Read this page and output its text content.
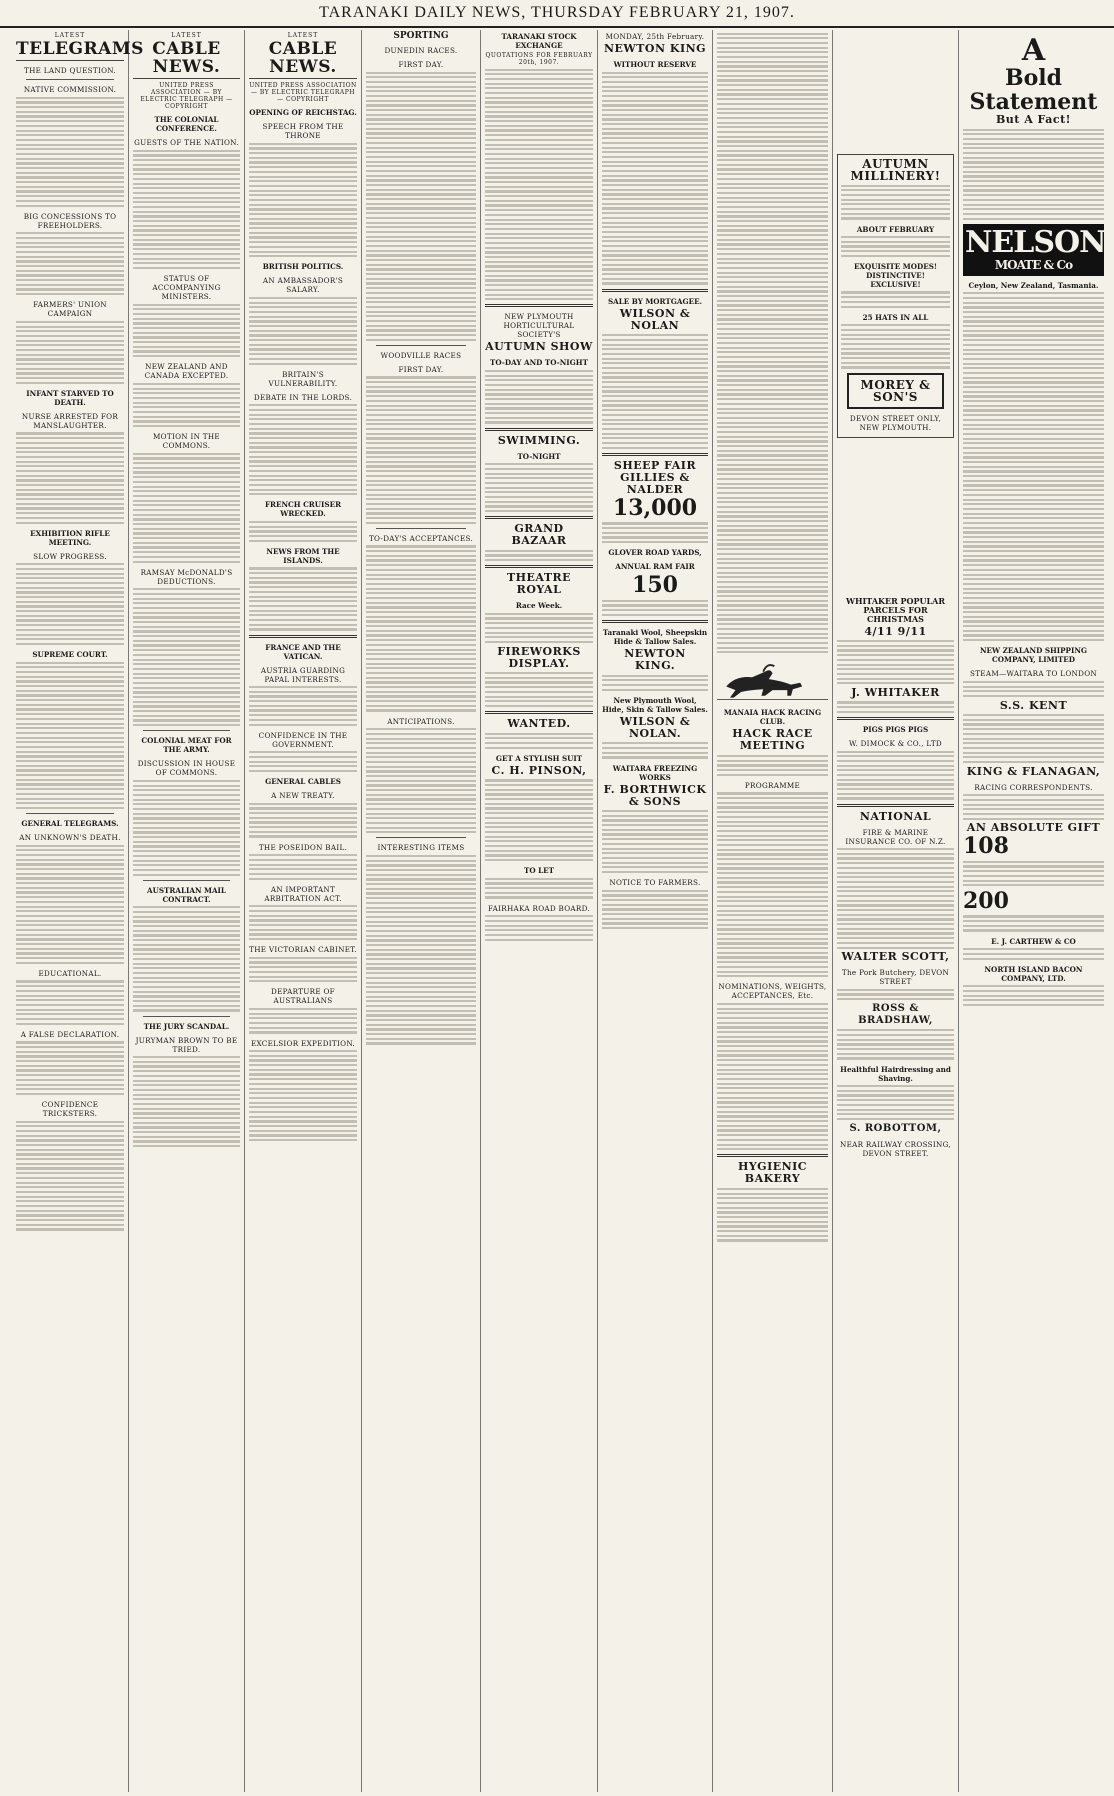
TARANAKI DAILY NEWS, THURSDAY FEBRUARY 21, 1907.
LATEST
TELEGRAMS
THE LAND QUESTION.
NATIVE COMMISSION.
BIG CONCESSIONS TO FREEHOLDERS.
FARMERS' UNION CAMPAIGN
INFANT STARVED TO DEATH.
NURSE ARRESTED FOR MANSLAUGHTER.
EXHIBITION RIFLE MEETING.
SLOW PROGRESS.
SUPREME COURT.
GENERAL TELEGRAMS.
AN UNKNOWN'S DEATH.
EDUCATIONAL.
A FALSE DECLARATION.
CONFIDENCE TRICKSTERS.
LATEST
CABLE NEWS.
UNITED PRESS ASSOCIATION — BY ELECTRIC TELEGRAPH — COPYRIGHT
THE COLONIAL CONFERENCE.
GUESTS OF THE NATION.
STATUS OF ACCOMPANYING MINISTERS.
NEW ZEALAND AND CANADA EXCEPTED.
MOTION IN THE COMMONS.
RAMSAY McDONALD'S DEDUCTIONS.
COLONIAL MEAT FOR THE ARMY.
DISCUSSION IN HOUSE OF COMMONS.
AUSTRALIAN MAIL CONTRACT.
THE JURY SCANDAL.
JURYMAN BROWN TO BE TRIED.
LATEST
CABLE NEWS.
UNITED PRESS ASSOCIATION — BY ELECTRIC TELEGRAPH — COPYRIGHT
OPENING OF REICHSTAG.
SPEECH FROM THE THRONE
BRITISH POLITICS.
AN AMBASSADOR'S SALARY.
BRITAIN'S VULNERABILITY.
DEBATE IN THE LORDS.
FRENCH CRUISER WRECKED.
NEWS FROM THE ISLANDS.
FRANCE AND THE VATICAN.
AUSTRIA GUARDING PAPAL INTERESTS.
CONFIDENCE IN THE GOVERNMENT.
GENERAL CABLES
A NEW TREATY.
THE POSEIDON BAIL.
AN IMPORTANT ARBITRATION ACT.
THE VICTORIAN CABINET.
DEPARTURE OF AUSTRALIANS
EXCELSIOR EXPEDITION.
SPORTING
DUNEDIN RACES.
FIRST DAY.
WOODVILLE RACES
FIRST DAY.
TO-DAY'S ACCEPTANCES.
ANTICIPATIONS.
INTERESTING ITEMS
TARANAKI STOCK EXCHANGE
QUOTATIONS FOR FEBRUARY 20th, 1907.
NEW PLYMOUTH HORTICULTURAL SOCIETY'S
AUTUMN SHOW
TO-DAY AND TO-NIGHT
SWIMMING.
TO-NIGHT
GRAND BAZAAR
THEATRE ROYAL
Race Week.
FIREWORKS DISPLAY.
WANTED.
GET A STYLISH SUIT
C. H. PINSON,
TO LET
FAIRHAKA ROAD BOARD.
MONDAY, 25th February.
NEWTON KING
WITHOUT RESERVE
SALE BY MORTGAGEE.
WILSON & NOLAN
SHEEP FAIR
GILLIES & NALDER
13,000
GLOVER ROAD YARDS,
ANNUAL RAM FAIR
150
Taranaki Wool, Sheepskin Hide & Tallow Sales.
NEWTON KING.
New Plymouth Wool, Hide, Skin & Tallow Sales.
WILSON & NOLAN.
WAITARA FREEZING WORKS
F. BORTHWICK & SONS
NOTICE TO FARMERS.
MANAIA HACK RACING CLUB.
HACK RACE MEETING
PROGRAMME
NOMINATIONS, WEIGHTS, ACCEPTANCES, Etc.
HYGIENIC BAKERY
AUTUMN MILLINERY!
ABOUT FEBRUARY
EXQUISITE MODES! DISTINCTIVE! EXCLUSIVE!
25 HATS IN ALL
MOREY & SON'S
DEVON STREET ONLY, NEW PLYMOUTH.
WHITAKER POPULAR PARCELS FOR CHRISTMAS
4/11 9/11
J. WHITAKER
PIGS PIGS PIGS
W. DIMOCK & CO., LTD
NATIONAL
FIRE & MARINE INSURANCE CO. OF N.Z.
WALTER SCOTT,
The Pork Butchery, DEVON STREET
ROSS & BRADSHAW,
Healthful Hairdressing and Shaving.
S. ROBOTTOM,
NEAR RAILWAY CROSSING, DEVON STREET.
A
Bold Statement
But A Fact!
NELSON
MOATE & Co
Ceylon, New Zealand, Tasmania.
NEW ZEALAND SHIPPING COMPANY, LIMITED
STEAM—WAITARA TO LONDON
S.S. KENT
KING & FLANAGAN,
RACING CORRESPONDENTS.
AN ABSOLUTE GIFT
108
200
E. J. CARTHEW & CO
NORTH ISLAND BACON COMPANY, LTD.
